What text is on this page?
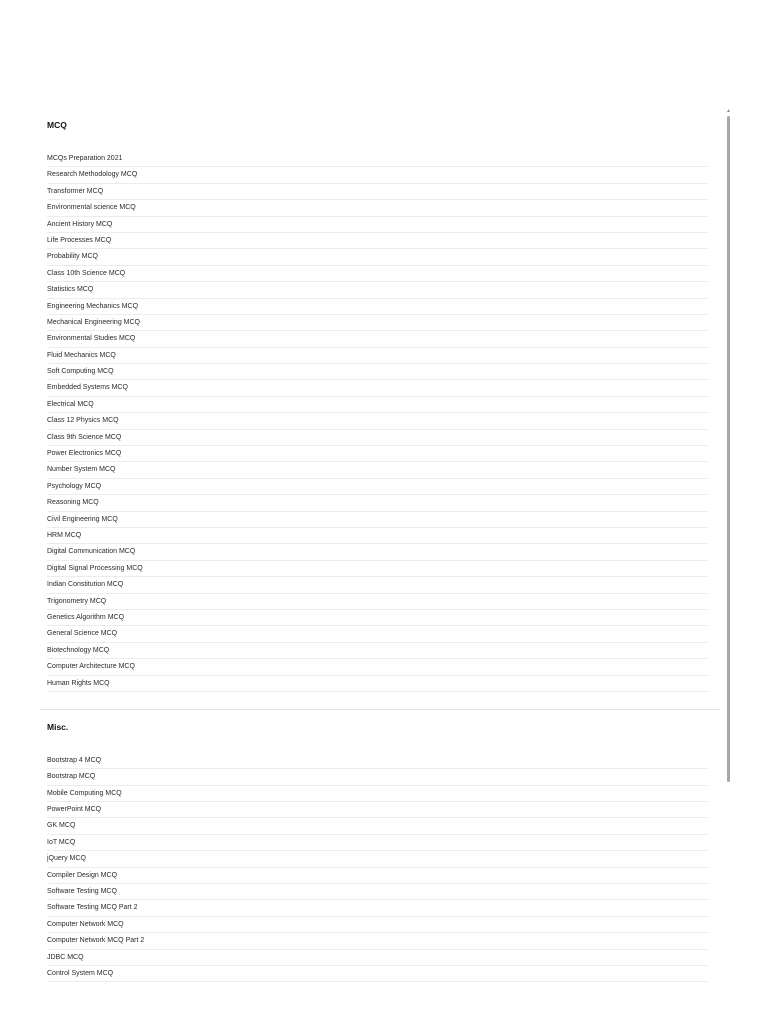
MCQ
MCQs Preparation 2021
Research Methodology MCQ
Transformer MCQ
Environmental science MCQ
Ancient History MCQ
Life Processes MCQ
Probability MCQ
Class 10th Science MCQ
Statistics MCQ
Engineering Mechanics MCQ
Mechanical Engineering MCQ
Environmental Studies MCQ
Fluid Mechanics MCQ
Soft Computing MCQ
Embedded Systems MCQ
Electrical MCQ
Class 12 Physics MCQ
Class 9th Science MCQ
Power Electronics MCQ
Number System MCQ
Psychology MCQ
Reasoning MCQ
Civil Engineering MCQ
HRM MCQ
Digital Communication MCQ
Digital Signal Processing MCQ
Indian Constitution MCQ
Trigonometry MCQ
Genetics Algorithm MCQ
General Science MCQ
Biotechnology MCQ
Computer Architecture MCQ
Human Rights MCQ
Misc.
Bootstrap 4 MCQ
Bootstrap MCQ
Mobile Computing MCQ
PowerPoint MCQ
GK MCQ
IoT MCQ
jQuery MCQ
Compiler Design MCQ
Software Testing MCQ
Software Testing MCQ Part 2
Computer Network MCQ
Computer Network MCQ Part 2
JDBC MCQ
Control System MCQ
▲
